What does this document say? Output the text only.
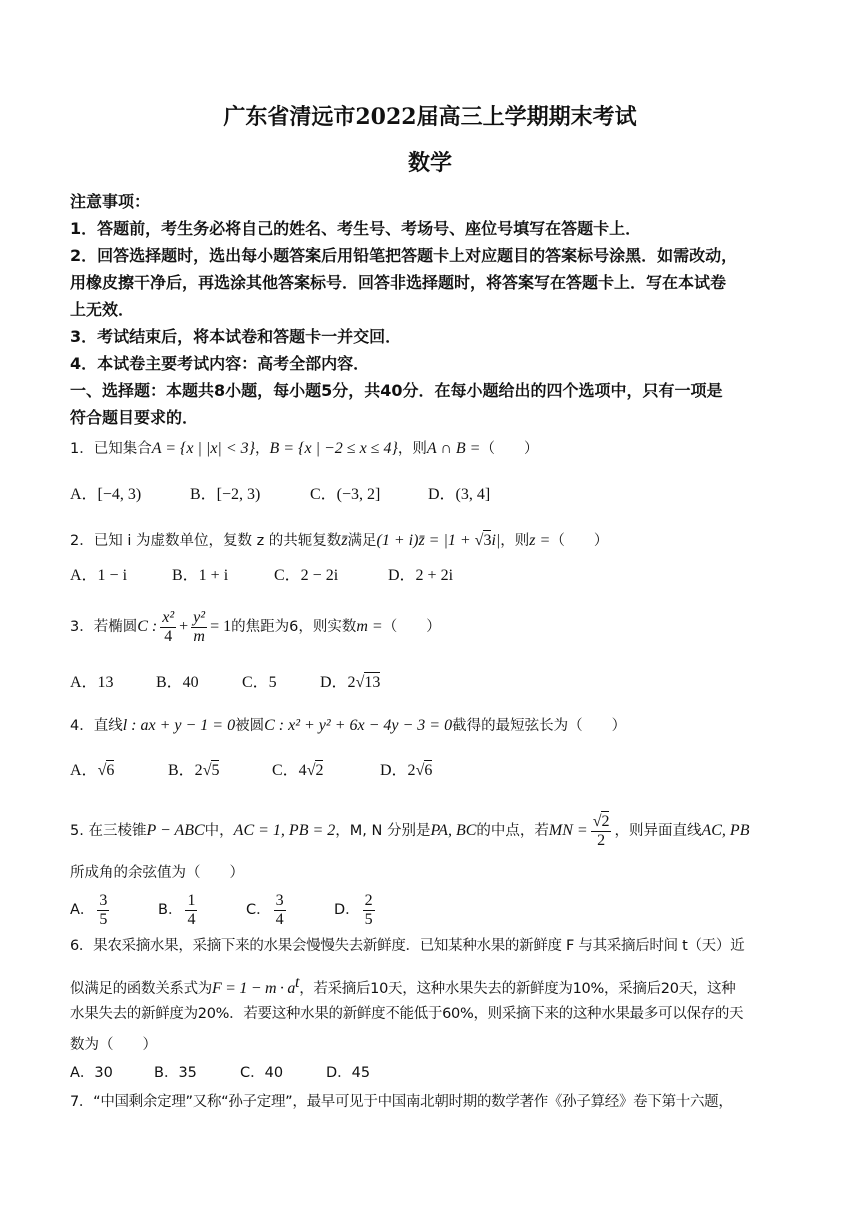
广东省清远市2022届高三上学期期末考试
数学
注意事项：
1．答题前，考生务必将自己的姓名、考生号、考场号、座位号填写在答题卡上．
2．回答选择题时，选出每小题答案后用铅笔把答题卡上对应题目的答案标号涂黑．如需改动，
用橡皮擦干净后，再选涂其他答案标号．回答非选择题时，将答案写在答题卡上．写在本试卷
上无效．
3．考试结束后，将本试卷和答题卡一并交回．
4．本试卷主要考试内容：高考全部内容．
一、选择题：本题共8小题，每小题5分，共40分．在每小题给出的四个选项中，只有一项是
符合题目要求的．
1．已知集合A = {x | |x| < 3}，B = {x | −2 ≤ x ≤ 4}，则A ∩ B =（　　）
A．[−4, 3)	B．[−2, 3)	C．(−3, 2]	D．(3, 4]
2．已知 i 为虚数单位，复数 z 的共轭复数z̄满足(1 + i)z̄ = |1 + √3i|，则z =（　　）
A．1 − i	B．1 + i	C．2 − 2i	D．2 + 2i
3．若椭圆C : $\frac{\text{x²}}{4} + \frac{\text{y²}}{m} = 1$的焦距为6，则实数m =（　　）
A．13	B．40	C．5	D．2√13
4．直线l : ax + y − 1 = 0被圆C : x² + y² + 6x − 4y − 3 = 0截得的最短弦长为（　　）
A．√6	B．2√5	C．4√2	D．2√6
5. 在三棱锥P − ABC中，AC = 1, PB = 2，M, N 分别是PA, BC的中点，若MN = $\frac{√2}{2}$ ，则异面直线AC, PB
所成角的余弦值为（　　）
A． $\frac{3}{5}$	B． $\frac{1}{4}$	C． $\frac{3}{4}$	D． $\frac{2}{5}$
6．果农采摘水果，采摘下来的水果会慢慢失去新鲜度．已知某种水果的新鲜度 F 与其采摘后时间 t（天）近
似满足的函数关系式为$F = 1 - m \cdot a^t$，若采摘后10天，这种水果失去的新鲜度为10%，采摘后20天，这种
水果失去的新鲜度为20%．若要这种水果的新鲜度不能低于60%，则采摘下来的这种水果最多可以保存的天
数为（　　）
A．30	B．35	C．40	D．45
7．“中国剩余定理”又称“孙子定理”，最早可见于中国南北朝时期的数学著作《孙子算经》卷下第十六题，
